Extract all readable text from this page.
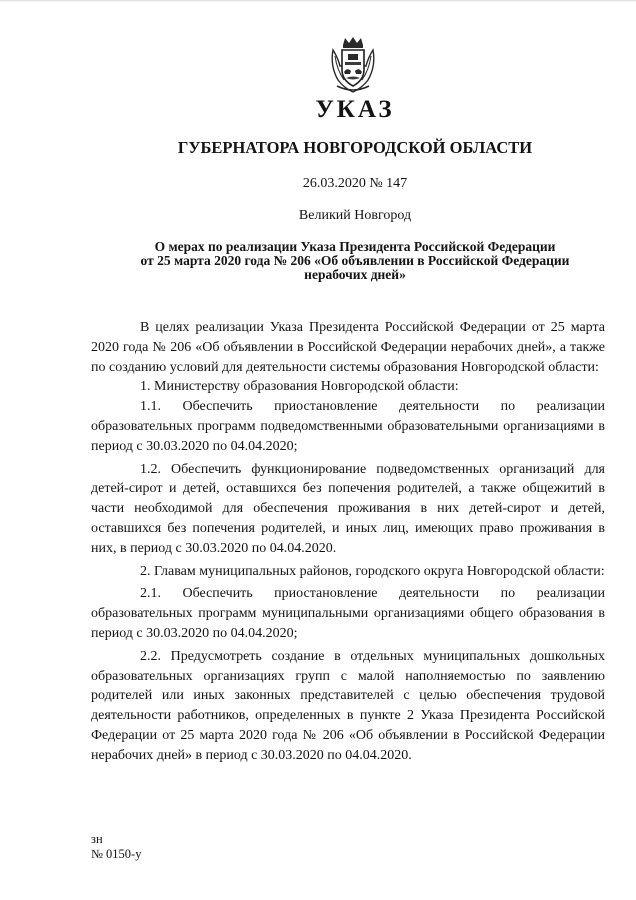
УКАЗ
ГУБЕРНАТОРА НОВГОРОДСКОЙ ОБЛАСТИ
26.03.2020 № 147
Великий Новгород
О мерах по реализации Указа Президента Российской Федерации
от 25 марта 2020 года № 206 «Об объявлении в Российской Федерации
нерабочих дней»

В целях реализации Указа Президента Российской Федерации от 25 марта 2020 года № 206 «Об объявлении в Российской Федерации нерабочих дней», а также по созданию условий для деятельности системы образования Новгородской области:

1. Министерству образования Новгородской области:

1.1. Обеспечить приостановление деятельности по реализации образовательных программ подведомственными образовательными организациями в период с 30.03.2020 по 04.04.2020;

1.2. Обеспечить функционирование подведомственных организаций для детей-сирот и детей, оставшихся без попечения родителей, а также общежитий в части необходимой для обеспечения проживания в них детей-сирот и детей, оставшихся без попечения родителей, и иных лиц, имеющих право проживания в них, в период с 30.03.2020 по 04.04.2020.

2. Главам муниципальных районов, городского округа Новгородской области:

2.1. Обеспечить приостановление деятельности по реализации образовательных программ муниципальными организациями общего образования в период с 30.03.2020 по 04.04.2020;

2.2. Предусмотреть создание в отдельных муниципальных дошкольных образовательных организациях групп с малой наполняемостью по заявлению родителей или иных законных представителей с целью обеспечения трудовой деятельности работников, определенных в пункте 2 Указа Президента Российской Федерации от 25 марта 2020 года № 206 «Об объявлении в Российской Федерации нерабочих дней» в период с 30.03.2020 по 04.04.2020.

зн
№ 0150-у
